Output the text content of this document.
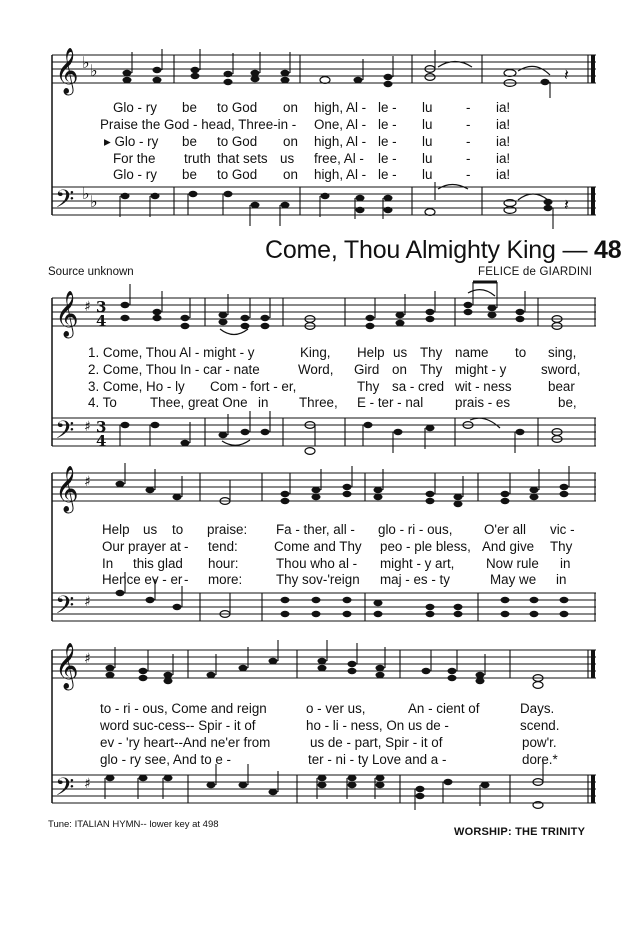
𝄞
𝄢
♭ ♭
♭ ♭
𝄽
𝄽
𝄞
𝄢
♯
♯
3
4
3
4
𝄞
𝄢
♯
♯
𝄞
𝄢
♯
♯

Glo - ry

be

to God

on

high, Al -

le -

lu

	-

ia!

Praise the God - head, Three-in -

One, Al -

le -

lu

	-

ia!

▸ Glo - ry

be

to God

on

high, Al -

le -

lu

	-

ia!

For the

truth

that sets

us

free, Al -

le -

lu

	-

ia!

Glo - ry

be

to God

on

high, Al -

le -

lu

	-

ia!

Come, Thou Almighty King — 48
Source unknown	FELICE de GIARDINI

1. Come, Thou Al - might - y

	King,

Help

us

Thy

name

to

sing,

2. Come, Thou In - car - nate

	Word,

Gird

on

Thy

might - y

	sword,

3. Come, Ho - ly

Com - fort - er,

	Thy

sa - cred

wit - ness

	bear

4. To

Thee, great One

in

Three,

E - ter - nal

prais - es

	be,

Help

us

to

praise:

Fa - ther, all -

glo - ri - ous,

O'er all

vic -

Our prayer at

-

tend:

	Come and Thy

peo - ple bless,

And give

Thy

In

this glad

hour:

	Thou who al -

might - y art,

Now rule

in

Hence ev - er

-

more:

	Thy sov-'reign

maj - es - ty

	May we

in

to - ri - ous, Come and reign

	o - ver us,

	An - cient of

	Days.

word suc-cess-- Spir - it of

	ho - li - ness, On us de -

	scend.

ev - 'ry heart--And ne'er from

	us de - part, Spir - it of

	pow'r.

glo - ry see, And to e -

	ter - ni - ty Love and a -

	dore.*

Tune: ITALIAN HYMN-- lower key at 498
WORSHIP: THE TRINITY
